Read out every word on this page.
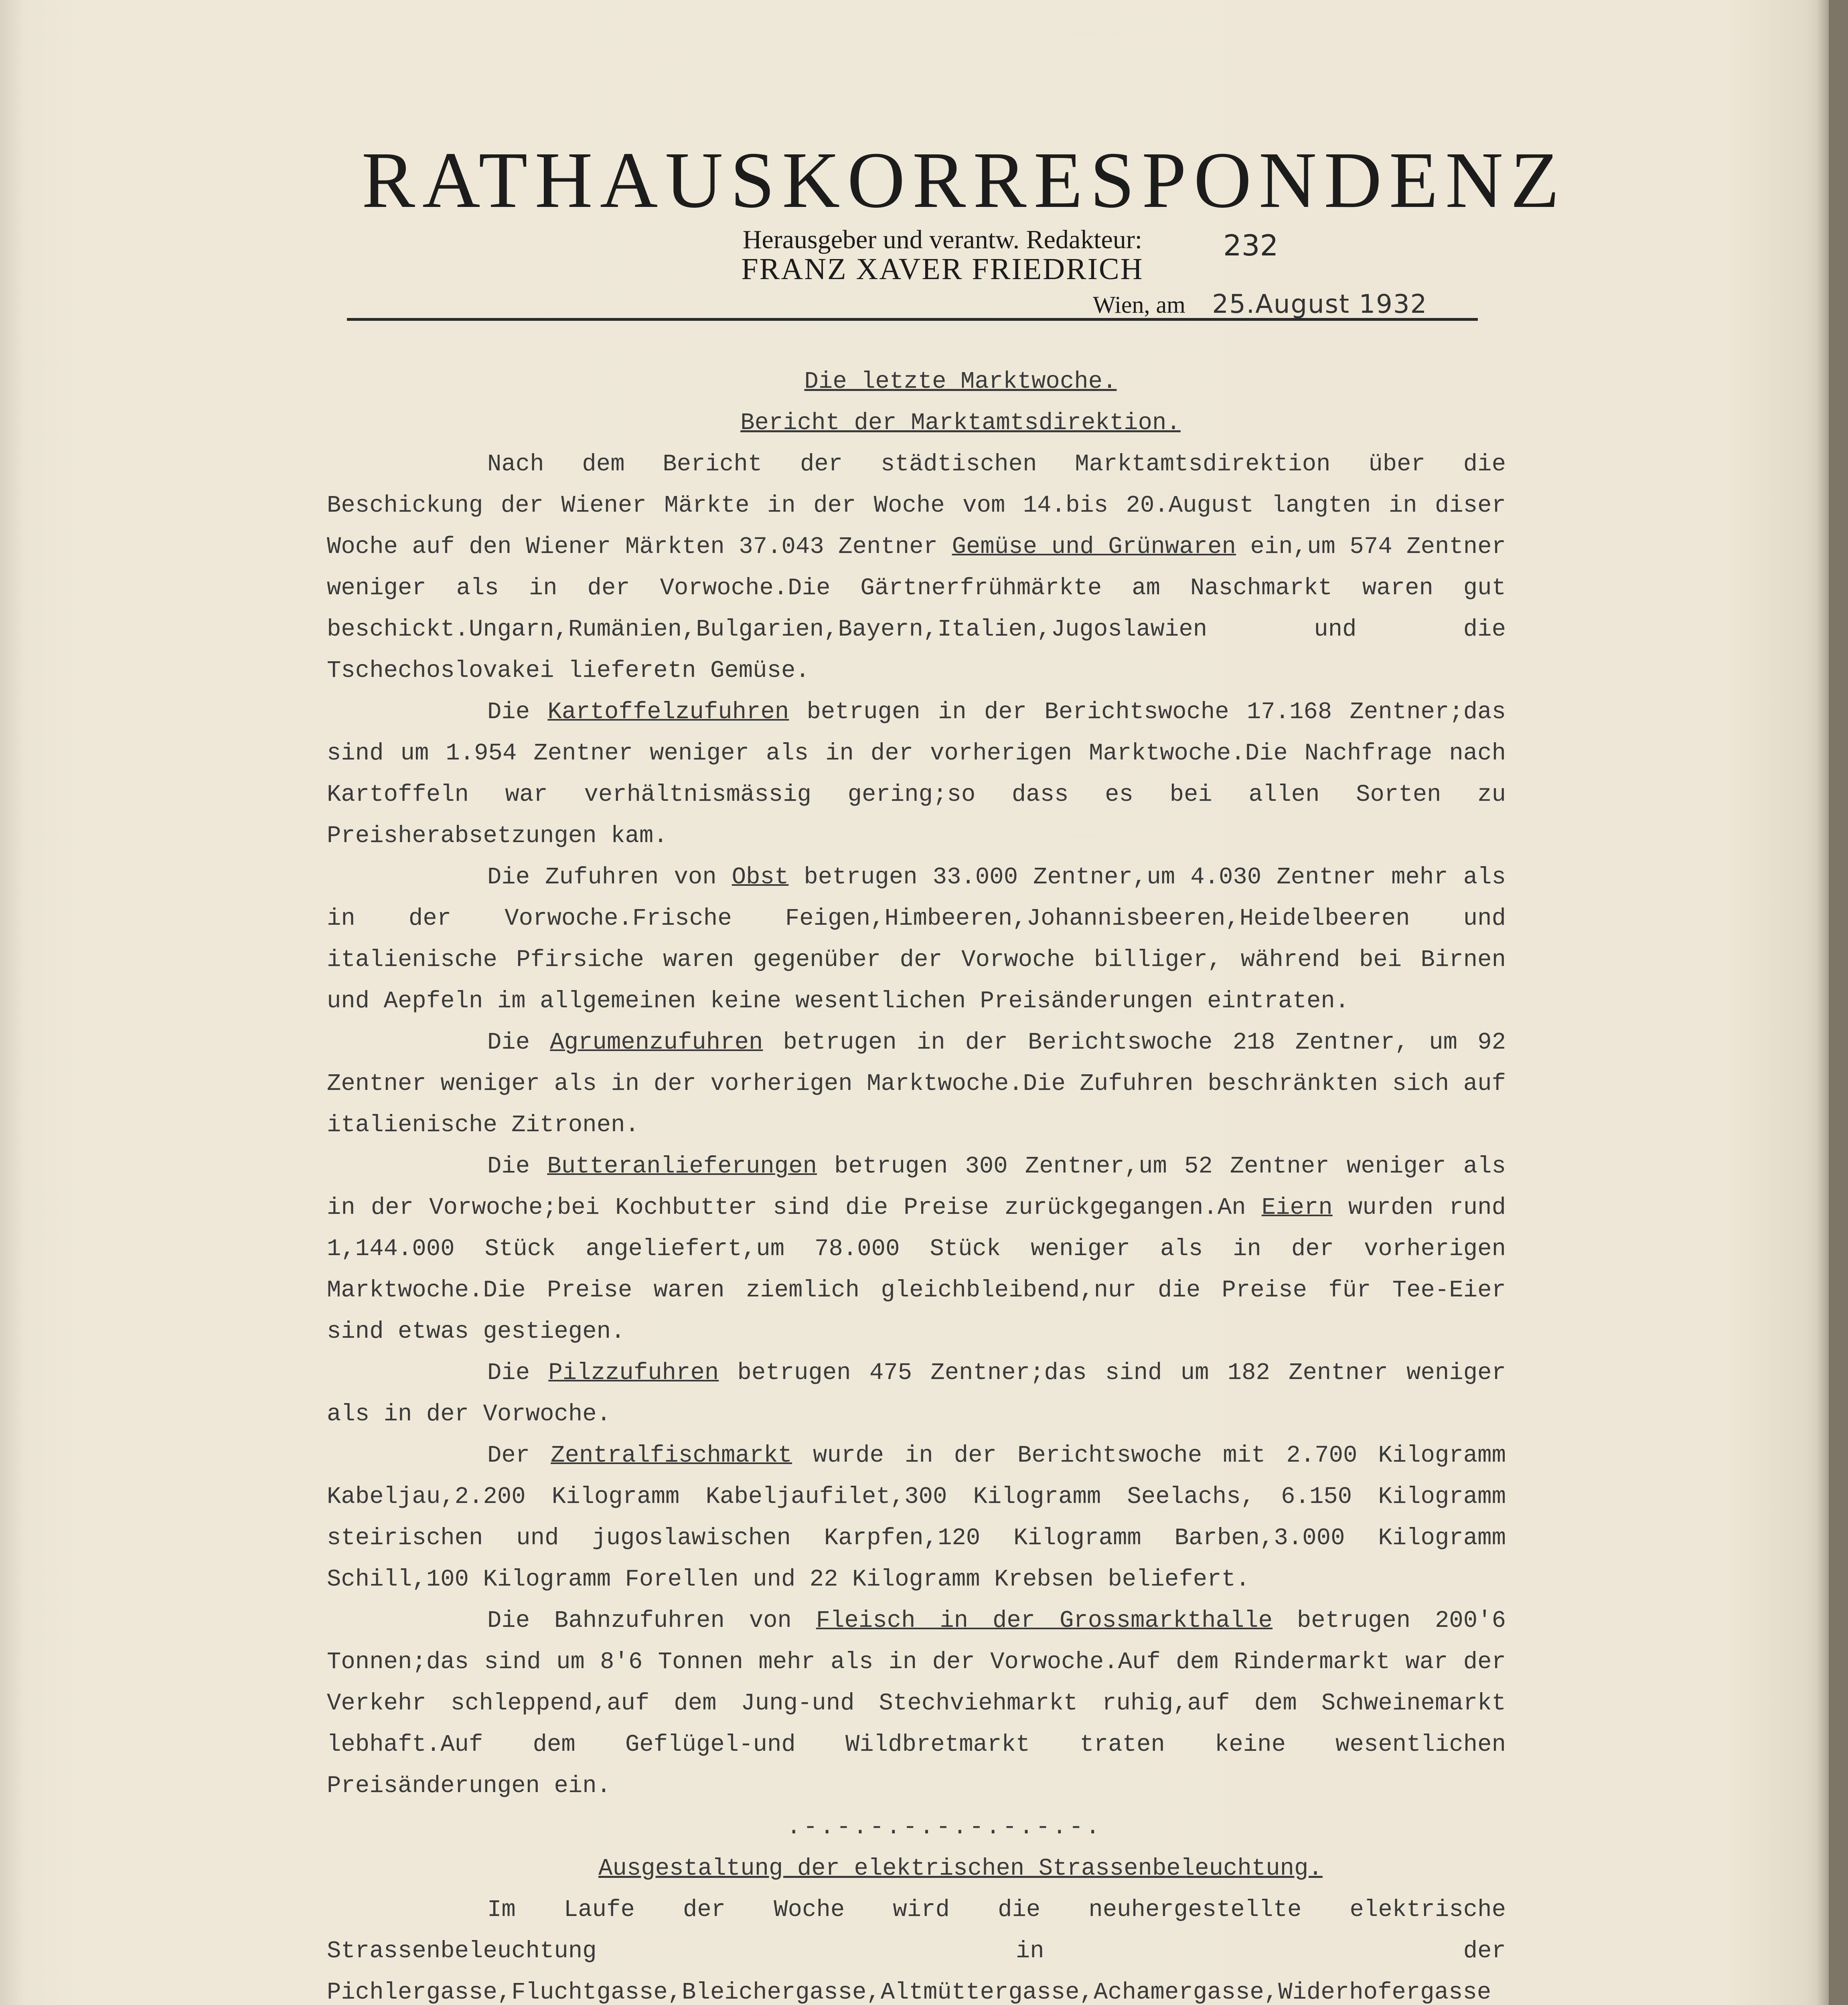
RATHAUSKORRESPONDENZ
Herausgeber und verantw. Redakteur:
FRANZ XAVER FRIEDRICH
232
Wien, am 25.August 1932

Die letzte Marktwoche.

Bericht der Marktamtsdirektion.

Nach dem Bericht der städtischen Marktamtsdirektion über die Beschickung der Wiener Märkte in der Woche vom 14.bis 20.August langten in diser Woche auf den Wiener Märkten 37.043 Zentner Gemüse und Grünwaren ein,um 574 Zentner weniger als in der Vorwoche.Die Gärtnerfrühmärkte am Naschmarkt waren gut beschickt.Ungarn,Rumänien,Bulgarien,Bayern,Italien,Jugoslawien und die Tschechoslovakei lieferetn Gemüse.

Die Kartoffelzufuhren betrugen in der Berichtswoche 17.168 Zentner;das sind um 1.954 Zentner weniger als in der vorherigen Marktwoche.Die Nachfrage nach Kartoffeln war verhältnismässig gering;so dass es bei allen Sorten zu Preisherabsetzungen kam.

Die Zufuhren von Obst betrugen 33.000 Zentner,um 4.030 Zentner mehr als in der Vorwoche.Frische Feigen,Himbeeren,Johannisbeeren,Heidelbeeren und italienische Pfirsiche waren gegenüber der Vorwoche billiger, während bei Birnen und Aepfeln im allgemeinen keine wesentlichen Preisänderungen eintraten.

Die Agrumenzufuhren betrugen in der Berichtswoche 218 Zentner, um 92 Zentner weniger als in der vorherigen Marktwoche.Die Zufuhren beschränkten sich auf italienische Zitronen.

Die Butteranlieferungen betrugen 300 Zentner,um 52 Zentner weniger als in der Vorwoche;bei Kochbutter sind die Preise zurückgegangen.An Eiern wurden rund 1,144.000 Stück angeliefert,um 78.000 Stück weniger als in der vorherigen Marktwoche.Die Preise waren ziemlich gleichbleibend,nur die Preise für Tee-Eier sind etwas gestiegen.

Die Pilzzufuhren betrugen 475 Zentner;das sind um 182 Zentner weniger als in der Vorwoche.

Der Zentralfischmarkt wurde in der Berichtswoche mit 2.700 Kilogramm Kabeljau,2.200 Kilogramm Kabeljaufilet,300 Kilogramm Seelachs, 6.150 Kilogramm steirischen und jugoslawischen Karpfen,120 Kilogramm Barben,3.000 Kilogramm Schill,100 Kilogramm Forellen und 22 Kilogramm Krebsen beliefert.

Die Bahnzufuhren von Fleisch in der Grossmarkthalle betrugen 200'6 Tonnen;das sind um 8'6 Tonnen mehr als in der Vorwoche.Auf dem Rindermarkt war der Verkehr schleppend,auf dem Jung-und Stechviehmarkt ruhig,auf dem Schweinemarkt lebhaft.Auf dem Geflügel-und Wildbretmarkt traten keine wesentlichen Preisänderungen ein.

.-.-.-.-.-.-.-.-.-.

Ausgestaltung der elektrischen Strassenbeleuchtung.

Im Laufe der Woche wird die neuhergestellte elektrische Strassenbeleuchtung in der Pichlergasse,Fluchtgasse,Bleichergasse,Altmüttergasse,Achamergasse,Widerhofergasse
